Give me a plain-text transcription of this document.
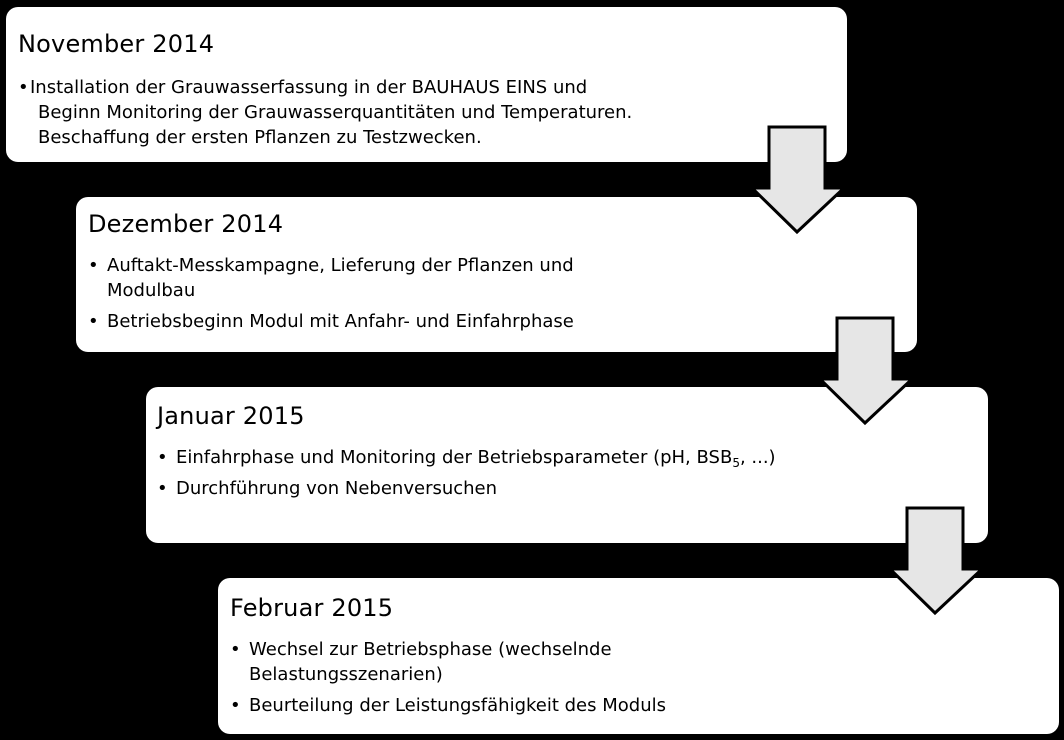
November 2014
• Installation der Grauwasserfassung in der BAUHAUS EINS und
Beginn Monitoring der Grauwasserquantitäten und Temperaturen.
Beschaffung der ersten Pflanzen zu Testzwecken.
Dezember 2014
• Auftakt-Messkampagne, Lieferung der Pflanzen und Modulbau
• Betriebsbeginn Modul mit Anfahr- und Einfahrphase
Januar 2015
• Einfahrphase und Monitoring der Betriebsparameter (pH, $BSB_5$, ...)
• Durchführung von Nebenversuchen
Februar 2015
• Wechsel zur Betriebsphase (wechselnde Belastungsszenarien)
• Beurteilung der Leistungsfähigkeit des Moduls
